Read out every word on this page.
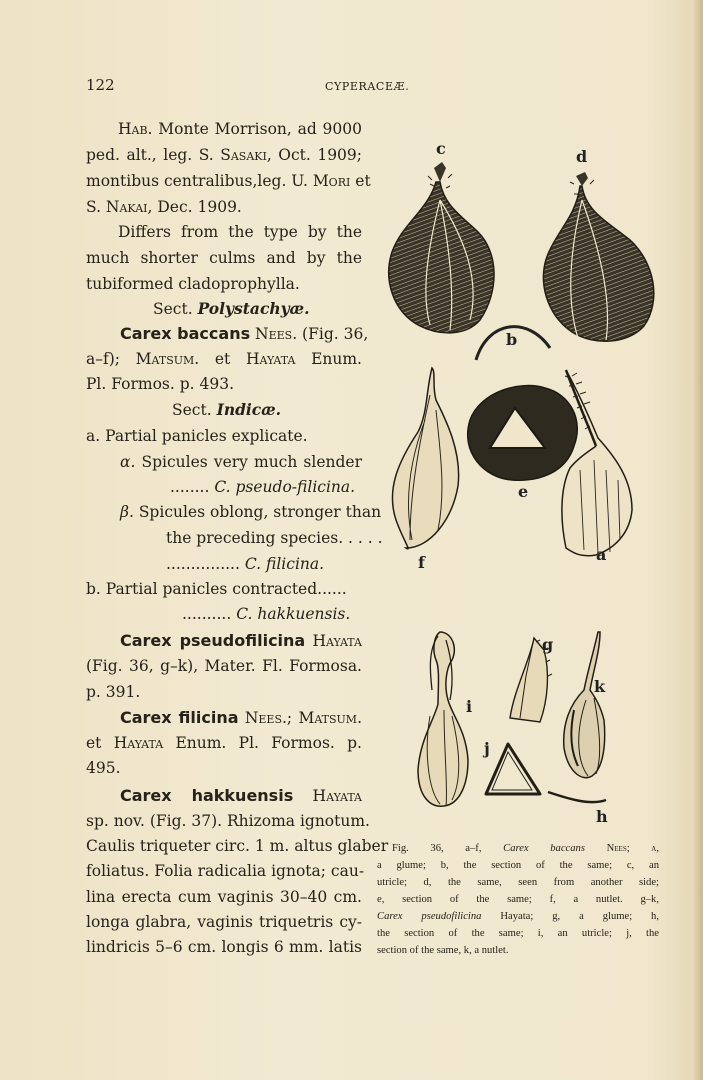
122	CYPERACEÆ.
Hab. Monte Morrison, ad 9000
ped. alt., leg. S. Sasaki, Oct. 1909;
montibus centralibus,leg. U. Mori et
S. Nakai, Dec. 1909.
Differs from the type by the
much shorter culms and by the
tubiformed cladoprophylla.
Sect. Polystachyæ.
Carex baccans Nees. (Fig. 36,
a–f); Matsum. et Hayata Enum.
Pl. Formos. p. 493.
Sect. Indicæ.
a. Partial panicles explicate.
α. Spicules very much slender
........ C. pseudo-filicina.
β. Spicules oblong, stronger than
the preceding species. . . . .
............... C. filicina.
b. Partial panicles contracted......
.......... C. hakkuensis.
Carex pseudofilicina Hayata
(Fig. 36, g–k), Mater. Fl. Formosa.
p. 391.
Carex filicina Nees.; Matsum.
et Hayata Enum. Pl. Formos. p.
495.
Carex hakkuensis Hayata
sp. nov. (Fig. 37). Rhizoma ignotum.
Caulis triqueter circ. 1 m. altus glaber
foliatus. Folia radicalia ignota; cau-
lina erecta cum vaginis 30–40 cm.
longa glabra, vaginis triquetris cy-
lindricis 5–6 cm. longis 6 mm. latis
c	d
b
e
f	a
i
g
k
j
h
Fig. 36, a–f, Carex baccans Nees; a,
a glume; b, the section of the same; c, an
utricle; d, the same, seen from another side;
e, section of the same; f, a nutlet. g–k,
Carex pseudofilicina Hayata; g, a glume; h,
the section of the same; i, an utricle; j, the
section of the same, k, a nutlet.
